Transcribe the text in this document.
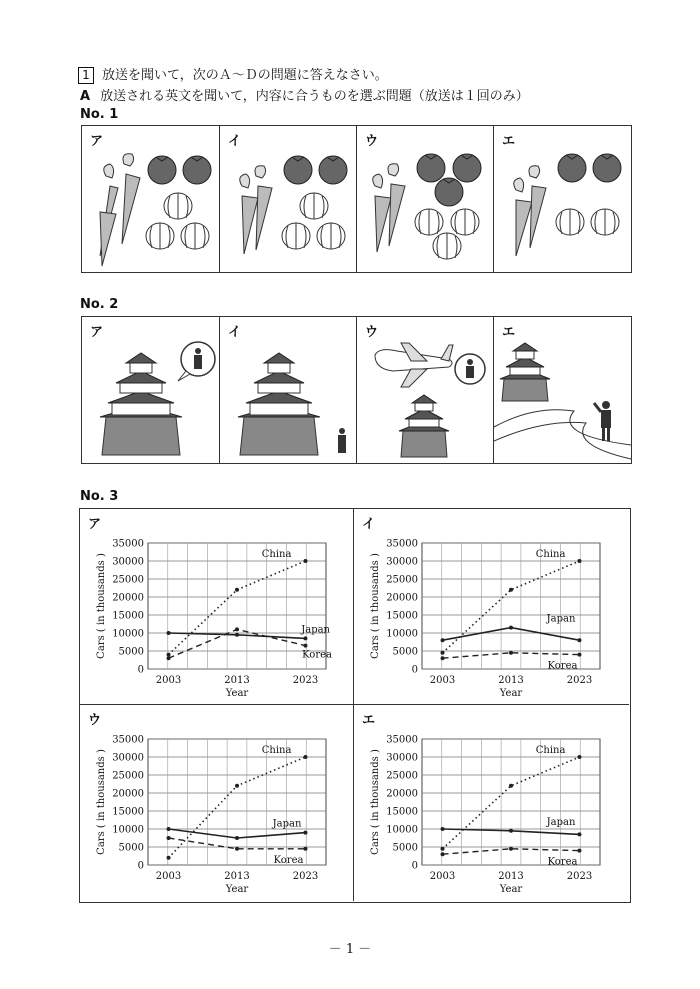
1 放送を聞いて，次のＡ～Ｄの問題に答えなさい。
A 放送される英文を聞いて，内容に合うものを選ぶ問題（放送は１回のみ）
No. 1
ア	イ	ウ	エ
No. 2
ア	イ	ウ	エ
No. 3
ア
0
5000
10000
15000
20000
25000
30000
35000
2003	2013	2023
Year
Cars ( in thousands )	China
Japan
Korea
イ
0
5000
10000
15000
20000
25000
30000
35000
2003	2013	2023
Year
Cars ( in thousands )	China
Japan
Korea
ウ
0
5000
10000
15000
20000
25000
30000
35000
2003	2013	2023
Year
Cars ( in thousands )	China
Japan
Korea
エ
0
5000
10000
15000
20000
25000
30000
35000
2003	2013	2023
Year
Cars ( in thousands )	China
Japan
Korea
－ 1 －
